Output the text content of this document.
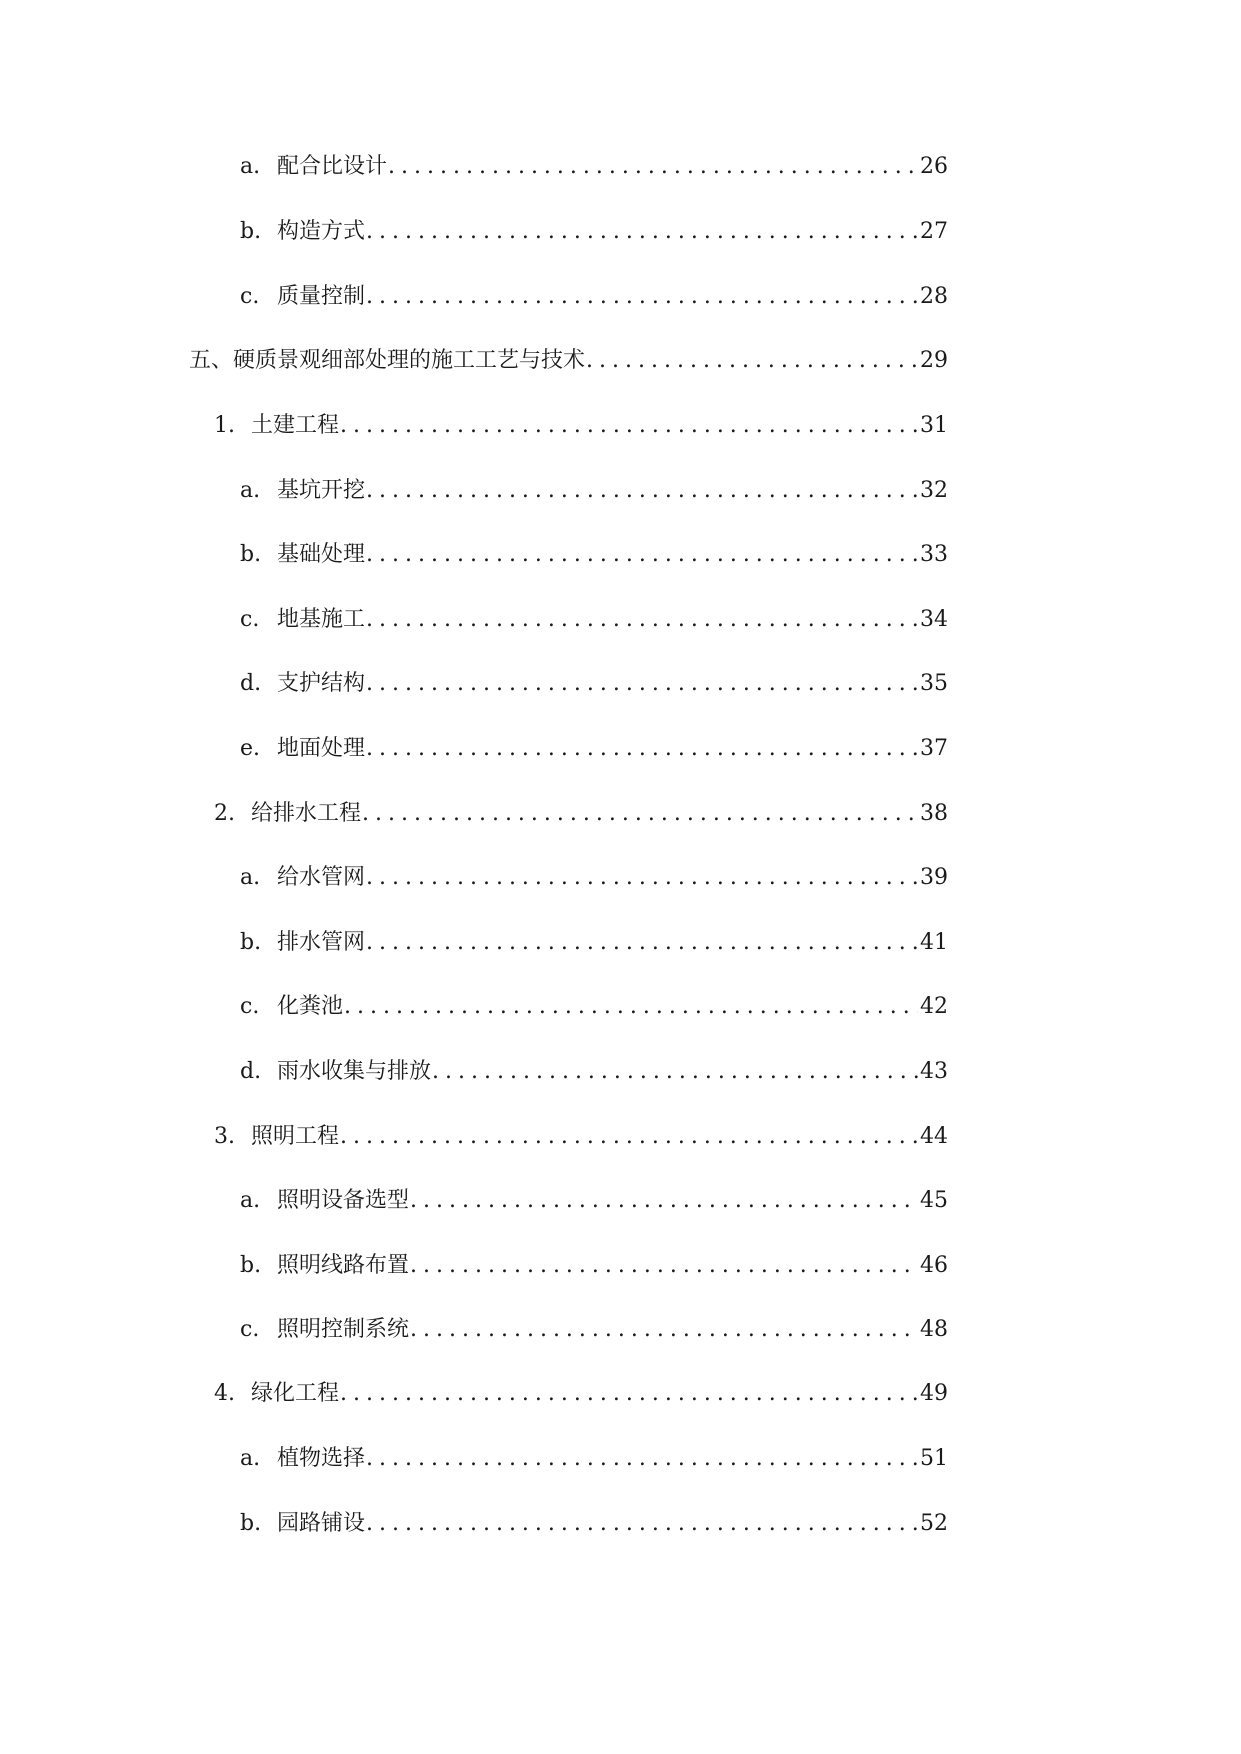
a. 配合比设计 .....	26
b. 构造方式 .....	27
c. 质量控制 .....	28
五、 硬质景观细部处理的施工工艺与技术 .....	29
1. 土建工程 .....	31
a. 基坑开挖 .....	32
b. 基础处理 .....	33
c. 地基施工 .....	34
d. 支护结构 .....	35
e. 地面处理 .....	37
2. 给排水工程 .....	38
a. 给水管网 .....	39
b. 排水管网 .....	41
c. 化粪池 .....	42
d. 雨水收集与排放 .....	43
3. 照明工程 .....	44
a. 照明设备选型 .....	45
b. 照明线路布置 .....	46
c. 照明控制系统 .....	48
4. 绿化工程 .....	49
a. 植物选择 .....	51
b. 园路铺设 .....	52
